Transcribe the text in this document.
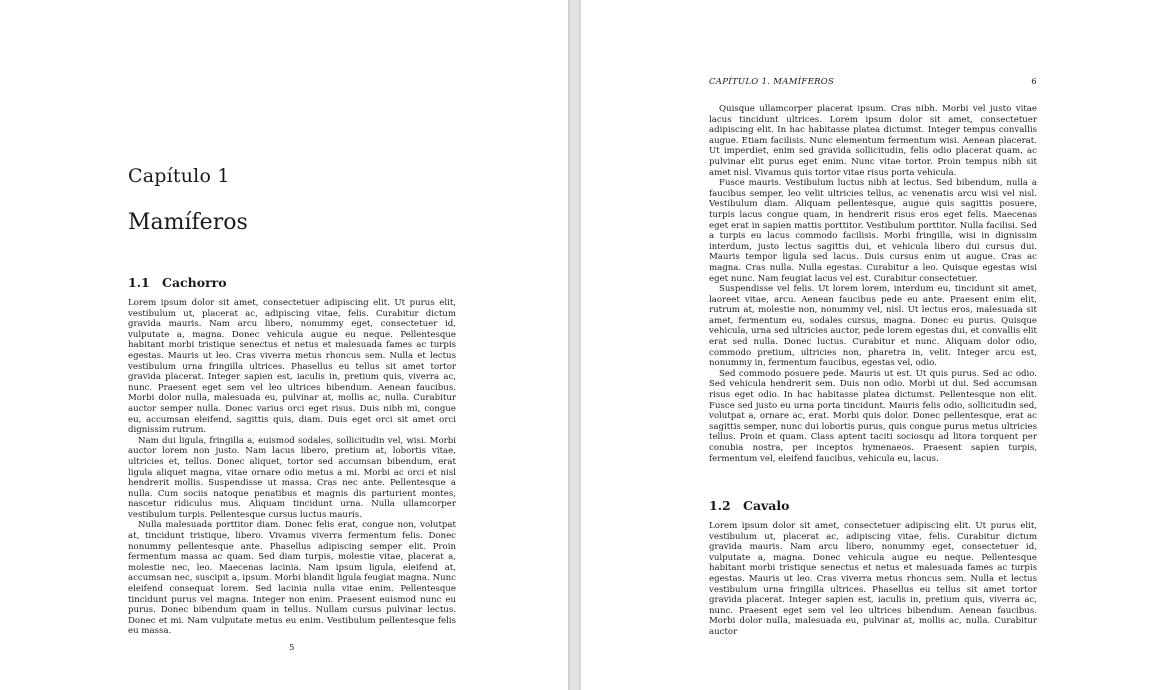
Capítulo 1
Mamíferos
1.1 Cachorro

Lorem ipsum dolor sit amet, consectetuer adipiscing elit. Ut purus elit, vestibulum ut, placerat ac, adipiscing vitae, felis. Curabitur dictum gravida mauris. Nam arcu libero, nonummy eget, consectetuer id, vulputate a, magna. Donec vehicula augue eu neque. Pellentesque habitant morbi tristique senectus et netus et malesuada fames ac turpis egestas. Mauris ut leo. Cras viverra metus rhoncus sem. Nulla et lectus vestibulum urna fringilla ultrices. Phasellus eu tellus sit amet tortor gravida placerat. Integer sapien est, iaculis in, pretium quis, viverra ac, nunc. Praesent eget sem vel leo ultrices bibendum. Aenean faucibus. Morbi dolor nulla, malesuada eu, pulvinar at, mollis ac, nulla. Curabitur auctor semper nulla. Donec varius orci eget risus. Duis nibh mi, congue eu, accumsan eleifend, sagittis quis, diam. Duis eget orci sit amet orci dignissim rutrum.

Nam dui ligula, fringilla a, euismod sodales, sollicitudin vel, wisi. Morbi auctor lorem non justo. Nam lacus libero, pretium at, lobortis vitae, ultricies et, tellus. Donec aliquet, tortor sed accumsan bibendum, erat ligula aliquet magna, vitae ornare odio metus a mi. Morbi ac orci et nisl hendrerit mollis. Suspendisse ut massa. Cras nec ante. Pellentesque a nulla. Cum sociis natoque penatibus et magnis dis parturient montes, nascetur ridiculus mus. Aliquam tincidunt urna. Nulla ullamcorper vestibulum turpis. Pellentesque cursus luctus mauris.

Nulla malesuada porttitor diam. Donec felis erat, congue non, volutpat at, tincidunt tristique, libero. Vivamus viverra fermentum felis. Donec nonummy pellentesque ante. Phasellus adipiscing semper elit. Proin fermentum massa ac quam. Sed diam turpis, molestie vitae, placerat a, molestie nec, leo. Maecenas lacinia. Nam ipsum ligula, eleifend at, accumsan nec, suscipit a, ipsum. Morbi blandit ligula feugiat magna. Nunc eleifend consequat lorem. Sed lacinia nulla vitae enim. Pellentesque tincidunt purus vel magna. Integer non enim. Praesent euismod nunc eu purus. Donec bibendum quam in tellus. Nullam cursus pulvinar lectus. Donec et mi. Nam vulputate metus eu enim. Vestibulum pellentesque felis eu massa.

5
CAPÍTULO 1. MAMÍFEROS	6

Quisque ullamcorper placerat ipsum. Cras nibh. Morbi vel justo vitae lacus tincidunt ultrices. Lorem ipsum dolor sit amet, consectetuer adipiscing elit. In hac habitasse platea dictumst. Integer tempus convallis augue. Etiam facilisis. Nunc elementum fermentum wisi. Aenean placerat. Ut imperdiet, enim sed gravida sollicitudin, felis odio placerat quam, ac pulvinar elit purus eget enim. Nunc vitae tortor. Proin tempus nibh sit amet nisl. Vivamus quis tortor vitae risus porta vehicula.

Fusce mauris. Vestibulum luctus nibh at lectus. Sed bibendum, nulla a faucibus semper, leo velit ultricies tellus, ac venenatis arcu wisi vel nisl. Vestibulum diam. Aliquam pellentesque, augue quis sagittis posuere, turpis lacus congue quam, in hendrerit risus eros eget felis. Maecenas eget erat in sapien mattis porttitor. Vestibulum porttitor. Nulla facilisi. Sed a turpis eu lacus commodo facilisis. Morbi fringilla, wisi in dignissim interdum, justo lectus sagittis dui, et vehicula libero dui cursus dui. Mauris tempor ligula sed lacus. Duis cursus enim ut augue. Cras ac magna. Cras nulla. Nulla egestas. Curabitur a leo. Quisque egestas wisi eget nunc. Nam feugiat lacus vel est. Curabitur consectetuer.

Suspendisse vel felis. Ut lorem lorem, interdum eu, tincidunt sit amet, laoreet vitae, arcu. Aenean faucibus pede eu ante. Praesent enim elit, rutrum at, molestie non, nonummy vel, nisl. Ut lectus eros, malesuada sit amet, fermentum eu, sodales cursus, magna. Donec eu purus. Quisque vehicula, urna sed ultricies auctor, pede lorem egestas dui, et convallis elit erat sed nulla. Donec luctus. Curabitur et nunc. Aliquam dolor odio, commodo pretium, ultricies non, pharetra in, velit. Integer arcu est, nonummy in, fermentum faucibus, egestas vel, odio.

Sed commodo posuere pede. Mauris ut est. Ut quis purus. Sed ac odio. Sed vehicula hendrerit sem. Duis non odio. Morbi ut dui. Sed accumsan risus eget odio. In hac habitasse platea dictumst. Pellentesque non elit. Fusce sed justo eu urna porta tincidunt. Mauris felis odio, sollicitudin sed, volutpat a, ornare ac, erat. Morbi quis dolor. Donec pellentesque, erat ac sagittis semper, nunc dui lobortis purus, quis congue purus metus ultricies tellus. Proin et quam. Class aptent taciti sociosqu ad litora torquent per conubia nostra, per inceptos hymenaeos. Praesent sapien turpis, fermentum vel, eleifend faucibus, vehicula eu, lacus.

1.2 Cavalo

Lorem ipsum dolor sit amet, consectetuer adipiscing elit. Ut purus elit, vestibulum ut, placerat ac, adipiscing vitae, felis. Curabitur dictum gravida mauris. Nam arcu libero, nonummy eget, consectetuer id, vulputate a, magna. Donec vehicula augue eu neque. Pellentesque habitant morbi tristique senectus et netus et malesuada fames ac turpis egestas. Mauris ut leo. Cras viverra metus rhoncus sem. Nulla et lectus vestibulum urna fringilla ultrices. Phasellus eu tellus sit amet tortor gravida placerat. Integer sapien est, iaculis in, pretium quis, viverra ac, nunc. Praesent eget sem vel leo ultrices bibendum. Aenean faucibus. Morbi dolor nulla, malesuada eu, pulvinar at, mollis ac, nulla. Curabitur auctor
